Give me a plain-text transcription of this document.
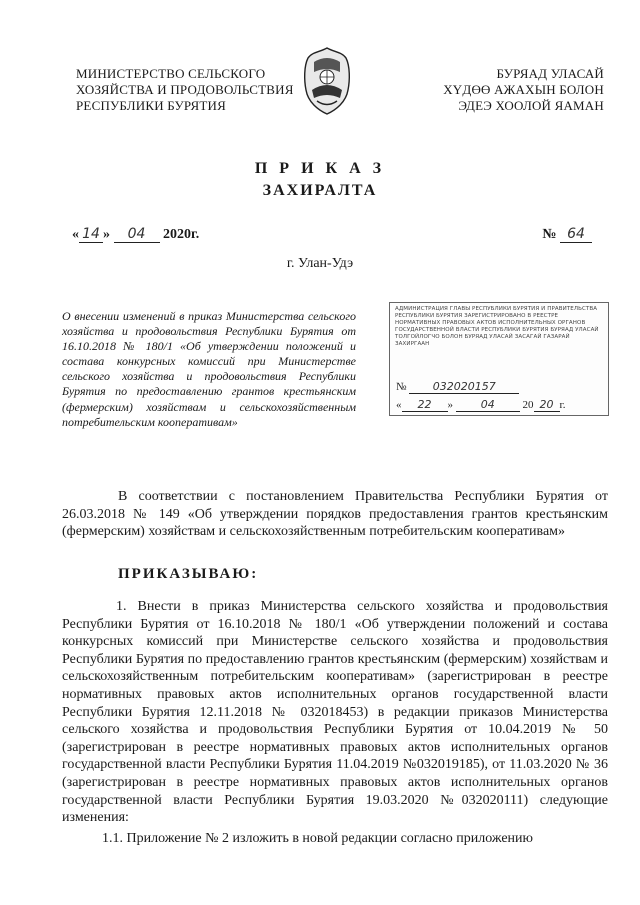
МИНИСТЕРСТВО СЕЛЬСКОГО
ХОЗЯЙСТВА И ПРОДОВОЛЬСТВИЯ
РЕСПУБЛИКИ БУРЯТИЯ
БУРЯАД УЛАСАЙ
ХҮДӨӨ АЖАХЫН БОЛОН
ЭДЕЭ ХООЛОЙ ЯАМАН
П Р И К А З
ЗАХИРАЛТА
« 14 » 04 2020г.	№ 64
г. Улан-Удэ
О внесении изменений в приказ Министерства сельского хозяйства и продовольствия Республики Бурятия от 16.10.2018 № 180/1 «Об утверждении положений и состава конкурсных комиссий при Министерстве сельского хозяйства и продовольствия Республики Бурятия по предоставлению грантов крестьянским (фермерским) хозяйствам и сельскохозяйственным потребительским кооперативам»
АДМИНИСТРАЦИЯ ГЛАВЫ РЕСПУБЛИКИ БУРЯТИЯ И ПРАВИТЕЛЬСТВА РЕСПУБЛИКИ БУРЯТИЯ ЗАРЕГИСТРИРОВАНО В РЕЕСТРЕ НОРМАТИВНЫХ ПРАВОВЫХ АКТОВ ИСПОЛНИТЕЛЬНЫХ ОРГАНОВ ГОСУДАРСТВЕННОЙ ВЛАСТИ РЕСПУБЛИКИ БУРЯТИЯ БУРЯАД УЛАСАЙ ТОЛГОЙЛОГЧО БОЛОН БУРЯАД УЛАСАЙ ЗАСАГАЙ ГАЗАРАЙ ЗАХИРГААН
№ 032020157
« 22 »	04	20 20 г.
В соответствии с постановлением Правительства Республики Бурятия от 26.03.2018 № 149 «Об утверждении порядков предоставления грантов крестьянским (фермерским) хозяйствам и сельскохозяйственным потребительским кооперативам»
ПРИКАЗЫВАЮ:
1. Внести в приказ Министерства сельского хозяйства и продовольствия Республики Бурятия от 16.10.2018 № 180/1 «Об утверждении положений и состава конкурсных комиссий при Министерстве сельского хозяйства и продовольствия Республики Бурятия по предоставлению грантов крестьянским (фермерским) хозяйствам и сельскохозяйственным потребительским кооперативам» (зарегистрирован в реестре нормативных правовых актов исполнительных органов государственной власти Республики Бурятия 12.11.2018 № 032018453) в редакции приказов Министерства сельского хозяйства и продовольствия Республики Бурятия от 10.04.2019 № 50 (зарегистрирован в реестре нормативных правовых актов исполнительных органов государственной власти Республики Бурятия 11.04.2019 №032019185), от 11.03.2020 № 36 (зарегистрирован в реестре нормативных правовых актов исполнительных органов государственной власти Республики Бурятия 19.03.2020 №032020111) следующие изменения:
1.1. Приложение № 2 изложить в новой редакции согласно приложению
